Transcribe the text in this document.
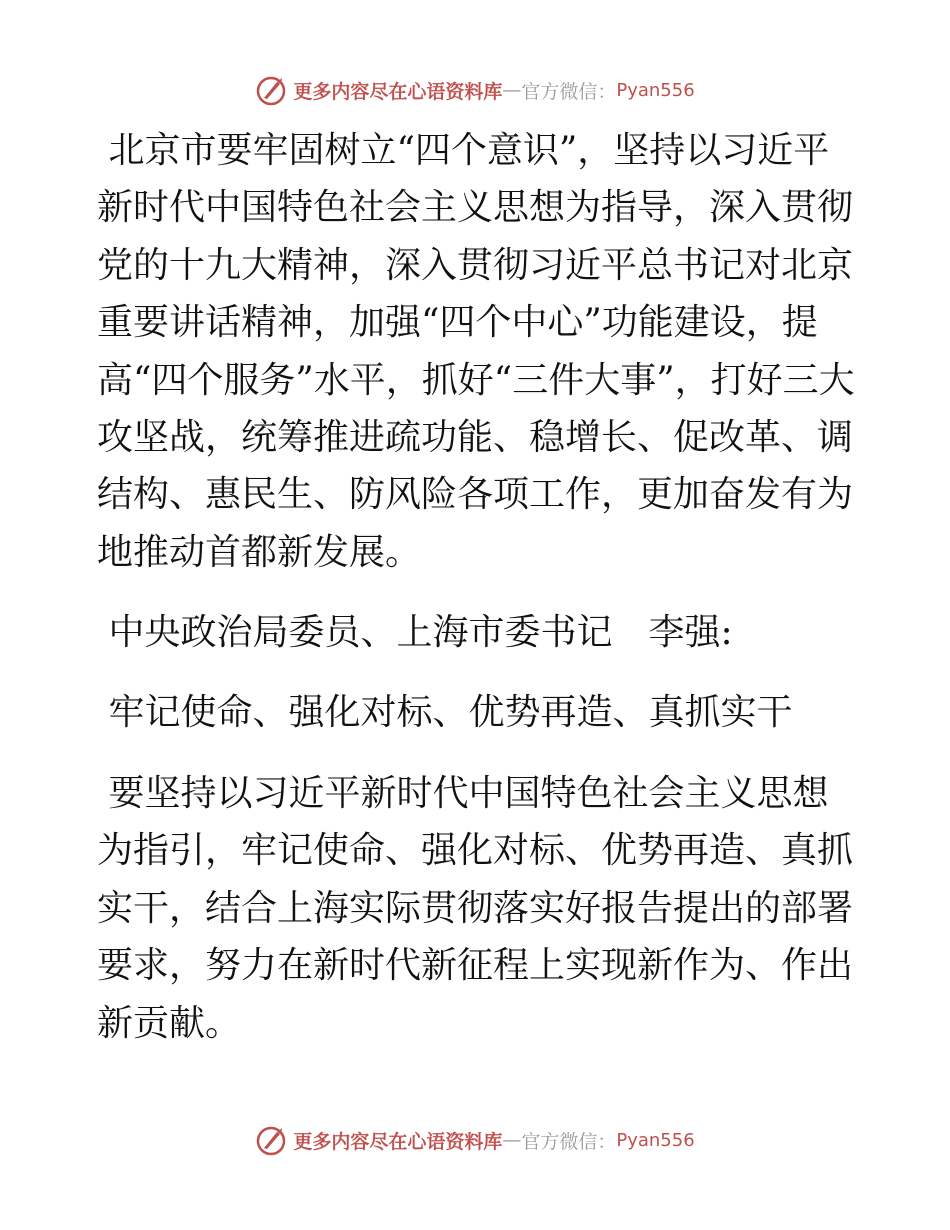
更多内容尽在心语资料库 — 官方微信： Pyan556

北京市要牢固树立“四个意识”，坚持以习近平新时代中国特色社会主义思想为指导，深入贯彻党的十九大精神，深入贯彻习近平总书记对北京重要讲话精神，加强“四个中心”功能建设，提高“四个服务”水平，抓好“三件大事”，打好三大攻坚战，统筹推进疏功能、稳增长、促改革、调结构、惠民生、防风险各项工作，更加奋发有为地推动首都新发展。

中央政治局委员、上海市委书记　李强:

牢记使命、强化对标、优势再造、真抓实干

要坚持以习近平新时代中国特色社会主义思想为指引，牢记使命、强化对标、优势再造、真抓实干，结合上海实际贯彻落实好报告提出的部署要求，努力在新时代新征程上实现新作为、作出新贡献。

更多内容尽在心语资料库 — 官方微信： Pyan556
